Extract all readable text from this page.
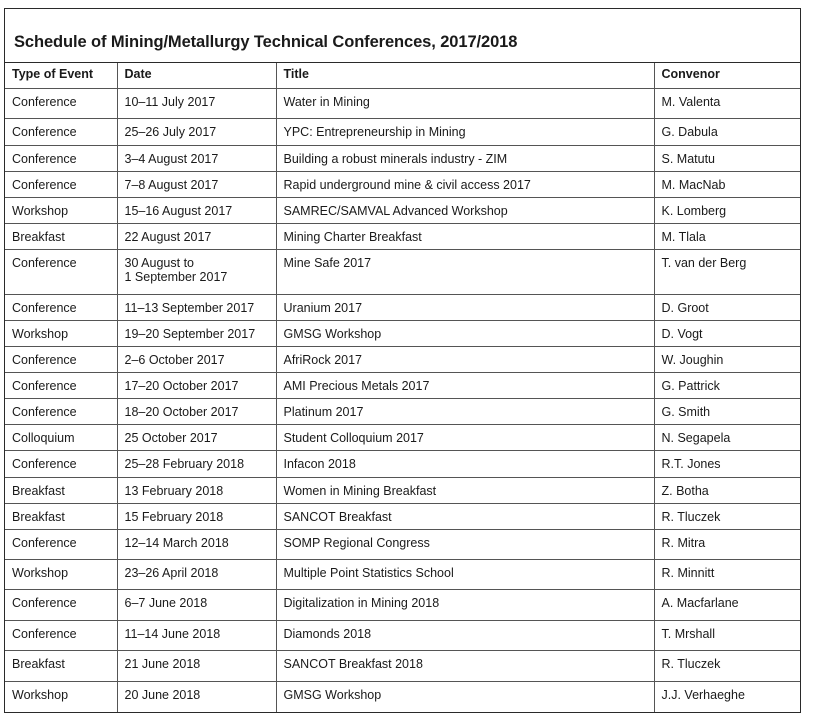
Schedule of Mining/Metallurgy Technical Conferences, 2017/2018
Type of Event	Date	Title	Convenor
Conference	10–11 July 2017	Water in Mining	M. Valenta
Conference	25–26 July 2017	YPC: Entrepreneurship in Mining	G. Dabula
Conference	3–4 August 2017	Building a robust minerals industry - ZIM	S. Matutu
Conference	7–8 August 2017	Rapid underground mine & civil access 2017	M. MacNab
Workshop	15–16 August 2017	SAMREC/SAMVAL Advanced Workshop	K. Lomberg
Breakfast	22 August 2017	Mining Charter Breakfast	M. Tlala
Conference	30 August to
1 September 2017	Mine Safe 2017	T. van der Berg
Conference	11–13 September 2017	Uranium 2017	D. Groot
Workshop	19–20 September 2017	GMSG Workshop	D. Vogt
Conference	2–6 October 2017	AfriRock 2017	W. Joughin
Conference	17–20 October 2017	AMI Precious Metals 2017	G. Pattrick
Conference	18–20 October 2017	Platinum 2017	G. Smith
Colloquium	25 October 2017	Student Colloquium 2017	N. Segapela
Conference	25–28 February 2018	Infacon 2018	R.T. Jones
Breakfast	13 February 2018	Women in Mining Breakfast	Z. Botha
Breakfast	15 February 2018	SANCOT Breakfast	R. Tluczek
Conference	12–14 March 2018	SOMP Regional Congress	R. Mitra
Workshop	23–26 April 2018	Multiple Point Statistics School	R. Minnitt
Conference	6–7 June 2018	Digitalization in Mining 2018	A. Macfarlane
Conference	11–14 June 2018	Diamonds 2018	T. Mrshall
Breakfast	21 June 2018	SANCOT Breakfast 2018	R. Tluczek
Workshop	20 June 2018	GMSG Workshop	J.J. Verhaeghe
